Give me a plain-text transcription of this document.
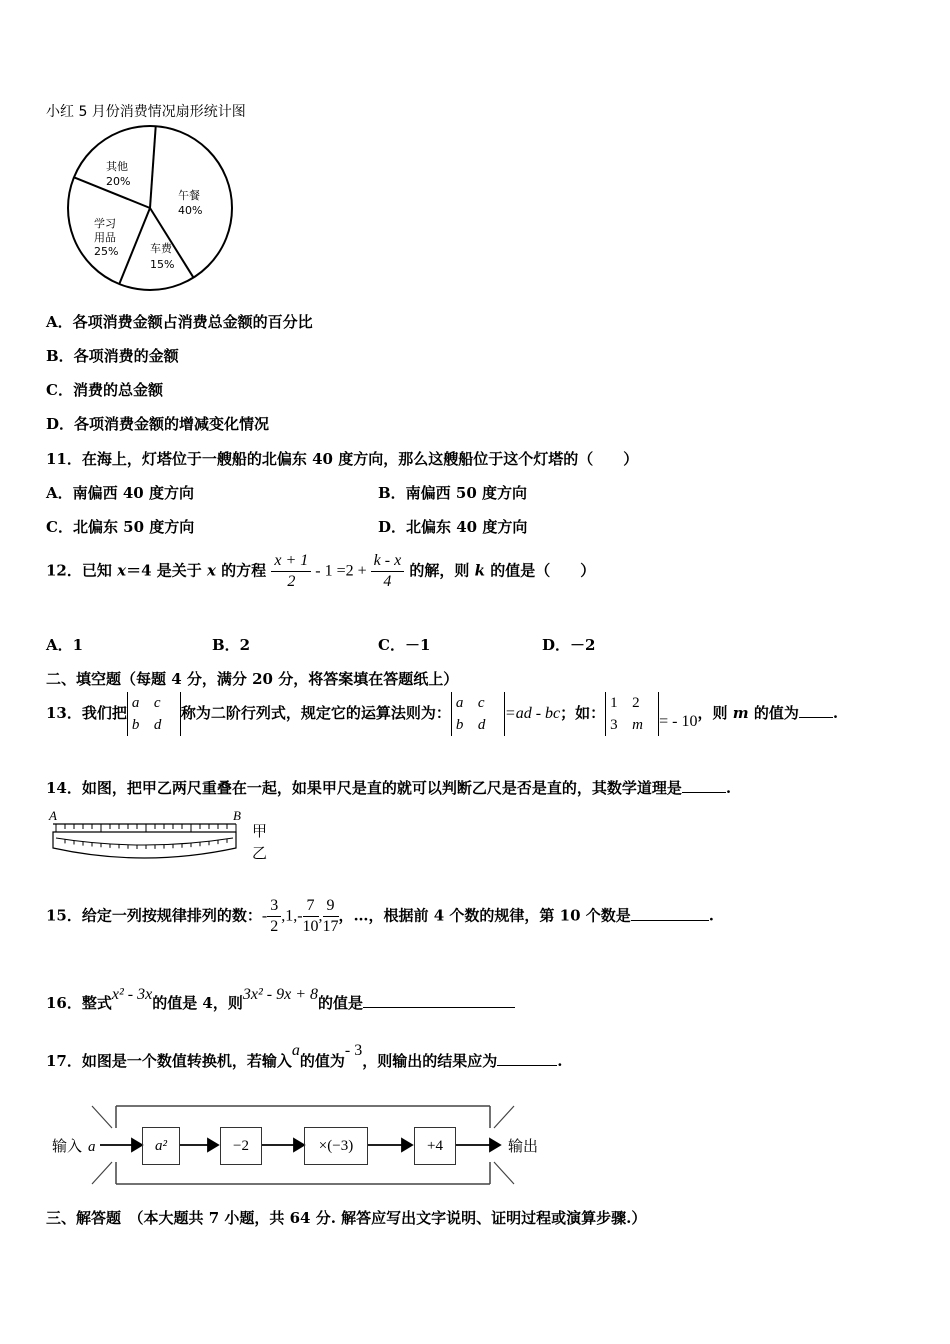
小红 5 月份消费情况扇形统计图
午餐
40%
车费
15%
学习
用品
25%
其他
20%
A．各项消费金额占消费总金额的百分比
B．各项消费的金额
C．消费的总金额
D．各项消费金额的增减变化情况
11．在海上，灯塔位于一艘船的北偏东 40 度方向，那么这艘船位于这个灯塔的（　　）
A．南偏西 40 度方向	B．南偏西 50 度方向
C．北偏东 50 度方向	D．北偏东 40 度方向
12．已知 x＝4 是关于 x 的方程 $\frac{x + 1}{2} - 1 =2 + \frac{k - x}{4}$ 的解，则 k 的值是（　　）
A．1	B．2	C．－1	D．－2
二、填空题（每题 4 分，满分 20 分，将答案填在答题纸上）
13．我们把a c
b d称为二阶行列式，规定它的运算法则为：a c
b d=ad - bc；如：1 2
3 m = - 10，则 m 的值为 .
14．如图，把甲乙两尺重叠在一起，如果甲尺是直的就可以判断乙尺是否是直的，其数学道理是	.
A	B
甲
乙
15．给定一列按规律排列的数：- $\frac{3}{2} ,1,- \frac{7}{10}$ , $\frac{9}{17}$ ，…，根据前 4 个数的规律，第 10 个数是	.
16．整式x² - 3x的值是 4，则3x² - 9x + 8的值是
17．如图是一个数值转换机，若输入a的值为- 3，则输出的结果应为	.
输入 a	输出
a²	−2	×(−3)	+4
三、解答题　（本大题共 7 小题，共 64 分. 解答应写出文字说明、证明过程或演算步骤.）
